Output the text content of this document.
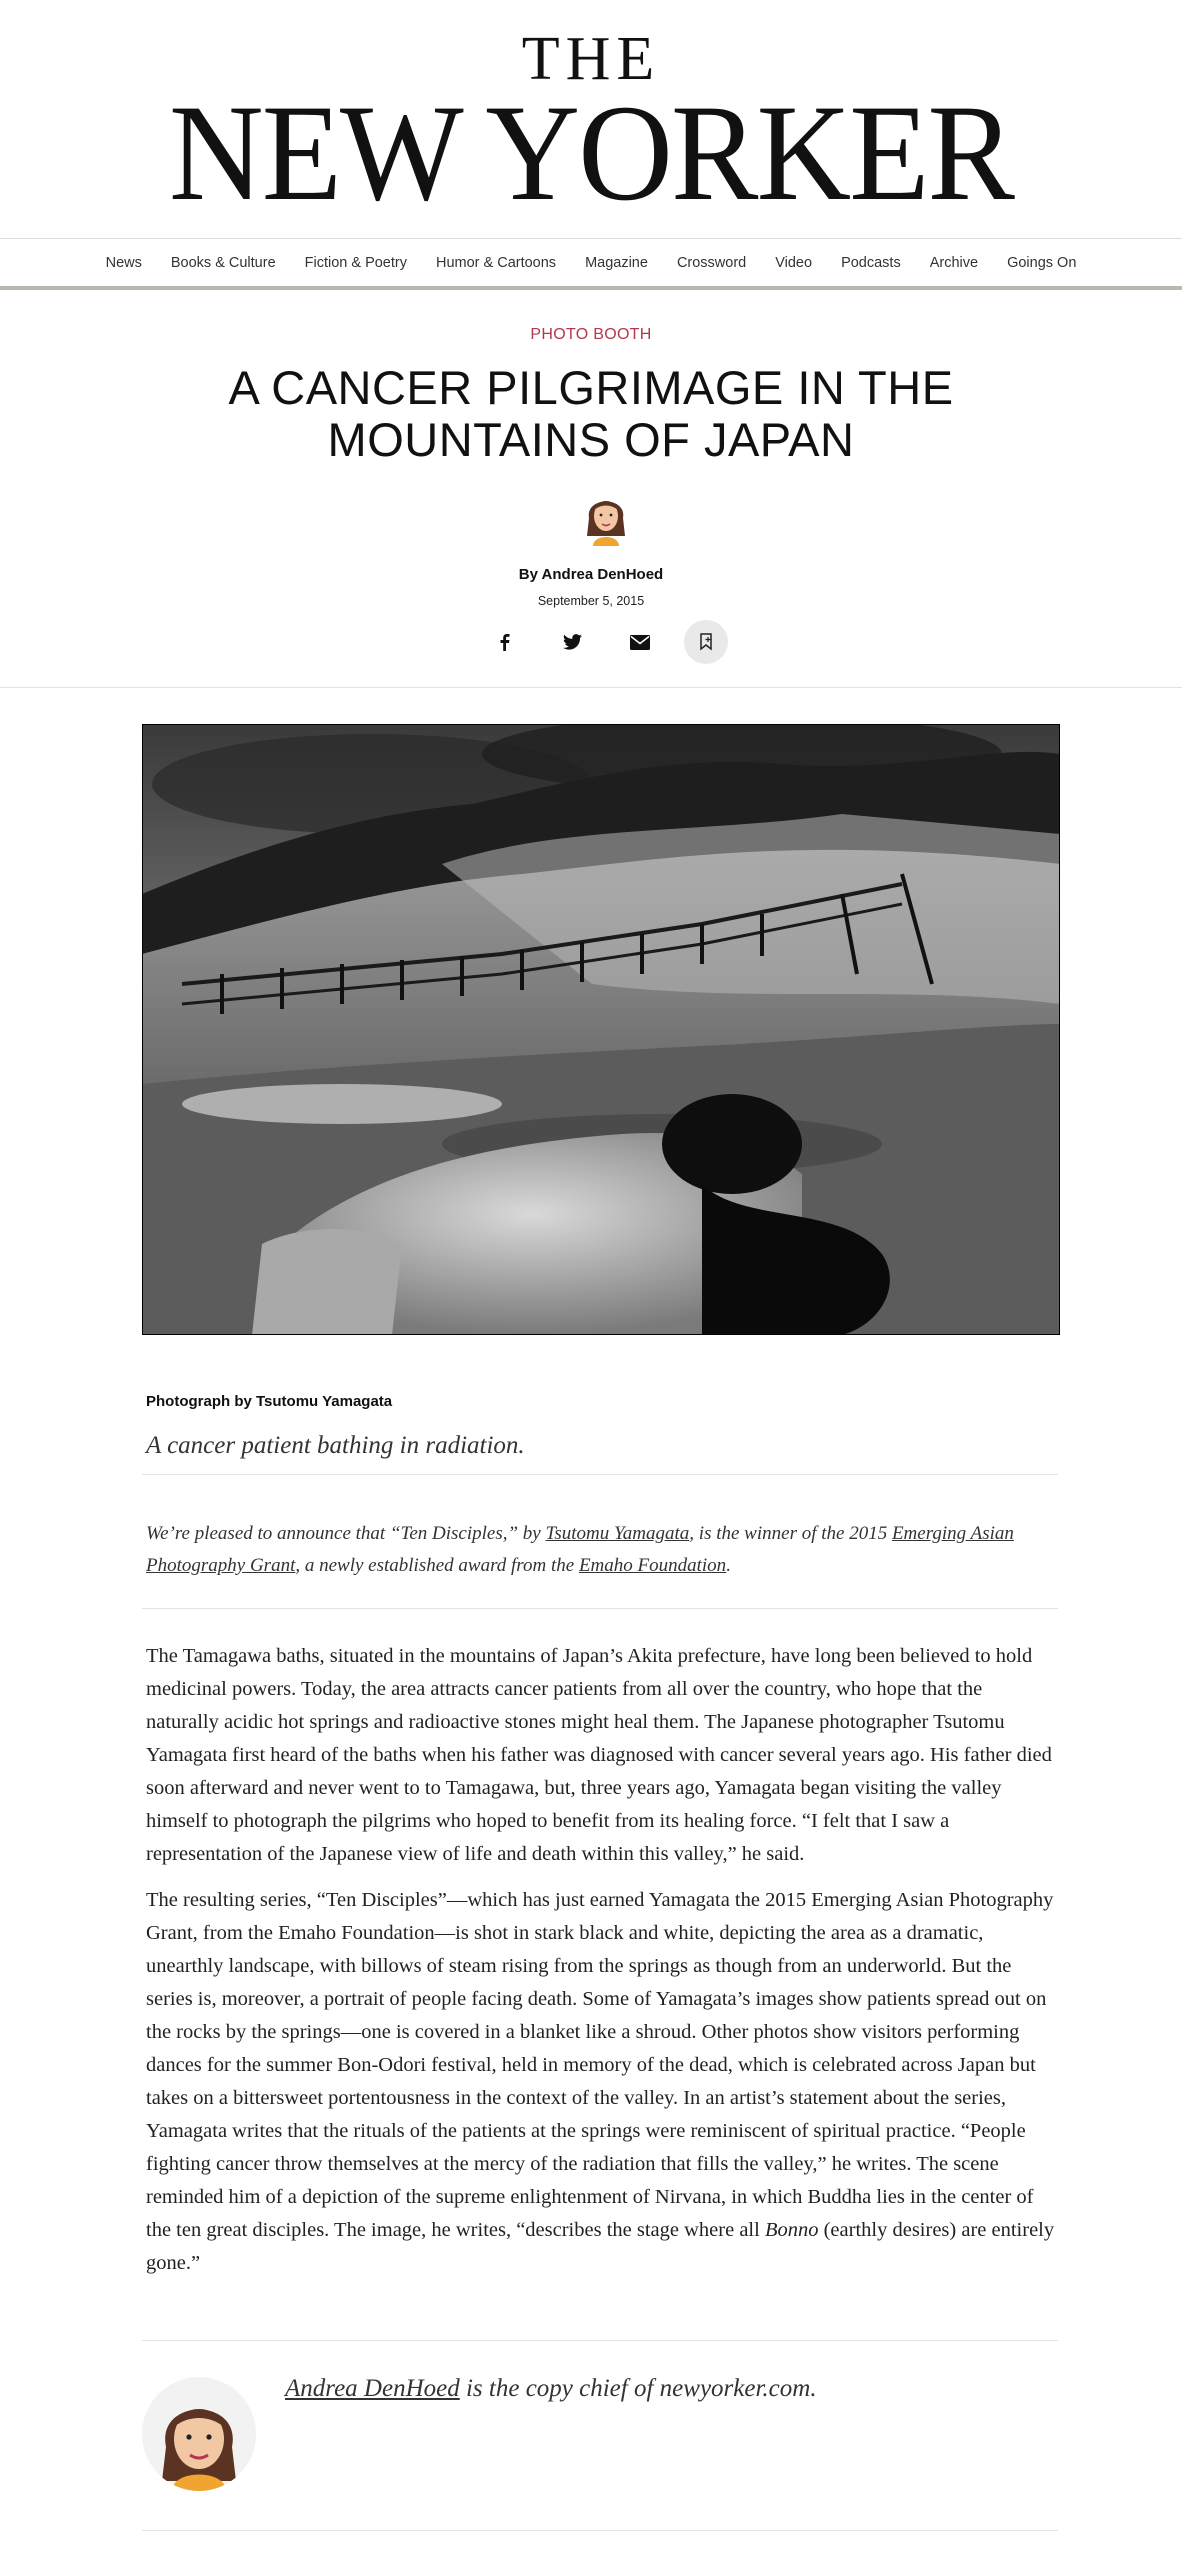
THE
NEW YORKER
News Books & Culture Fiction & Poetry Humor & Cartoons Magazine Crossword Video Podcasts Archive Goings On
PHOTO BOOTH
A CANCER PILGRIMAGE IN THE MOUNTAINS OF JAPAN
By Andrea DenHoed
September 5, 2015
Photograph by Tsutomu Yamagata
A cancer patient bathing in radiation.
We’re pleased to announce that “Ten Disciples,” by Tsutomu Yamagata, is the winner of the 2015 Emerging Asian Photography Grant, a newly established award from the Emaho Foundation.

The Tamagawa baths, situated in the mountains of Japan’s Akita prefecture, have long been believed to hold medicinal powers. Today, the area attracts cancer patients from all over the country, who hope that the naturally acidic hot springs and radioactive stones might heal them. The Japanese photographer Tsutomu Yamagata first heard of the baths when his father was diagnosed with cancer several years ago. His father died soon afterward and never went to to Tamagawa, but, three years ago, Yamagata began visiting the valley himself to photograph the pilgrims who hoped to benefit from its healing force. “I felt that I saw a representation of the Japanese view of life and death within this valley,” he said.

The resulting series, “Ten Disciples”—which has just earned Yamagata the 2015 Emerging Asian Photography Grant, from the Emaho Foundation—is shot in stark black and white, depicting the area as a dramatic, unearthly landscape, with billows of steam rising from the springs as though from an underworld. But the series is, moreover, a portrait of people facing death. Some of Yamagata’s images show patients spread out on the rocks by the springs—one is covered in a blanket like a shroud. Other photos show visitors performing dances for the summer Bon-Odori festival, held in memory of the dead, which is celebrated across Japan but takes on a bittersweet portentousness in the context of the valley. In an artist’s statement about the series, Yamagata writes that the rituals of the patients at the springs were reminiscent of spiritual practice. “People fighting cancer throw themselves at the mercy of the radiation that fills the valley,” he writes. The scene reminded him of a depiction of the supreme enlightenment of Nirvana, in which Buddha lies in the center of the ten great disciples. The image, he writes, “describes the stage where all Bonno (earthly desires) are entirely gone.”

Andrea DenHoed is the copy chief of newyorker.com.
